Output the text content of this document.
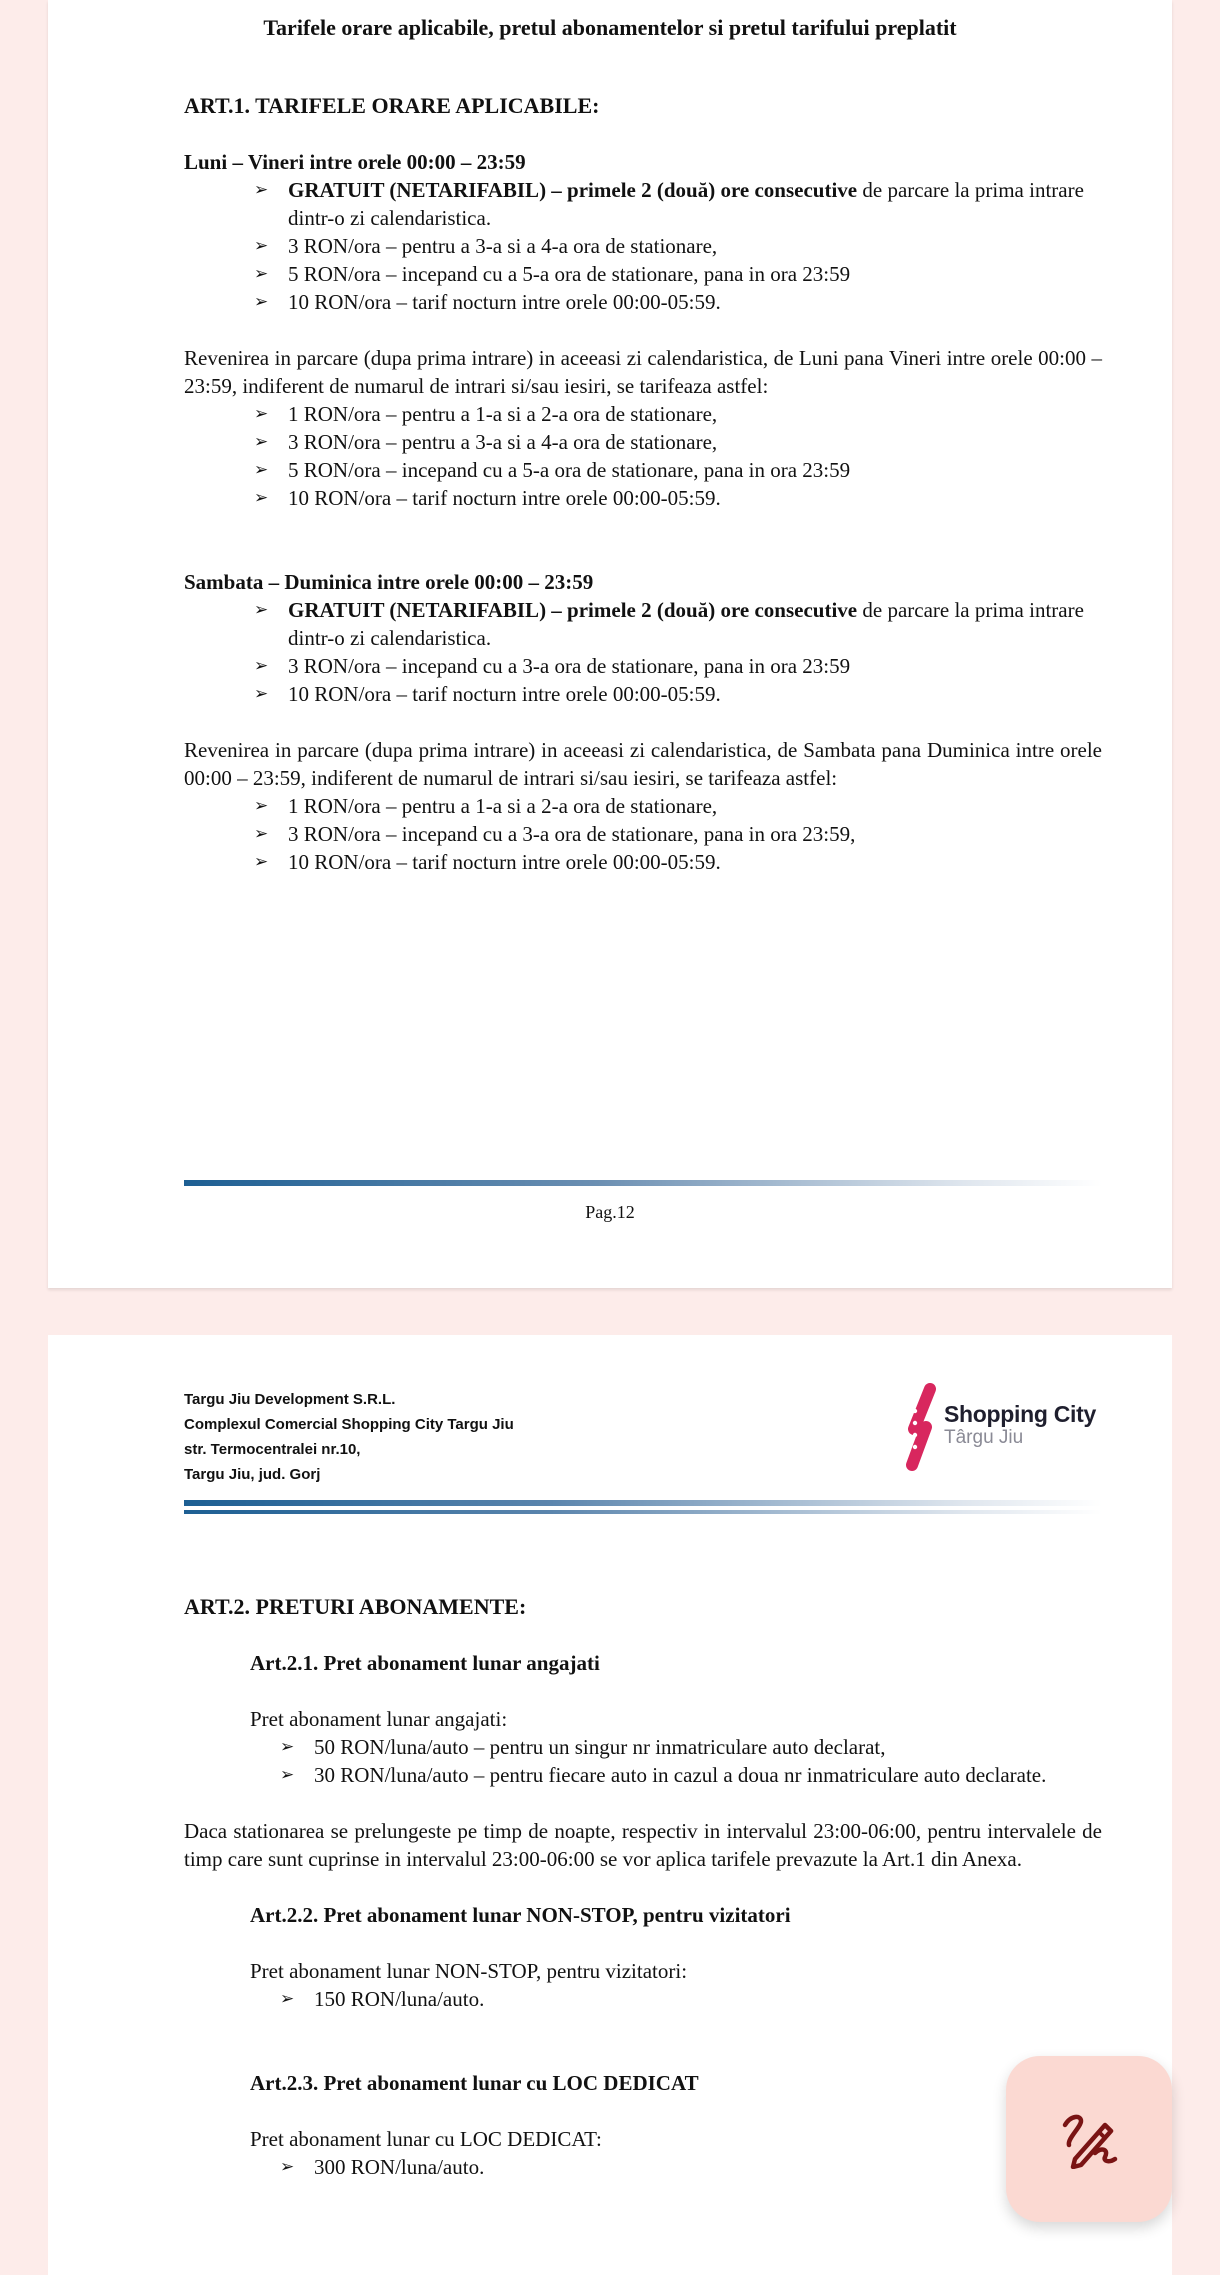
Tarifele orare aplicabile, pretul abonamentelor si pretul tarifului preplatit
ART.1. TARIFELE ORARE APLICABILE:
Luni – Vineri intre orele 00:00 – 23:59
➢ GRATUIT (NETARIFABIL) – primele 2 (două) ore consecutive de parcare la prima intrare dintr-o zi calendaristica.
➢ 3 RON/ora – pentru a 3-a si a 4-a ora de stationare,
➢ 5 RON/ora – incepand cu a 5-a ora de stationare, pana in ora 23:59
➢ 10 RON/ora – tarif nocturn intre orele 00:00-05:59.
Revenirea in parcare (dupa prima intrare) in aceeasi zi calendaristica, de Luni pana Vineri intre orele 00:00 – 23:59, indiferent de numarul de intrari si/sau iesiri, se tarifeaza astfel:
➢ 1 RON/ora – pentru a 1-a si a 2-a ora de stationare,
➢ 3 RON/ora – pentru a 3-a si a 4-a ora de stationare,
➢ 5 RON/ora – incepand cu a 5-a ora de stationare, pana in ora 23:59
➢ 10 RON/ora – tarif nocturn intre orele 00:00-05:59.
Sambata – Duminica intre orele 00:00 – 23:59
➢ GRATUIT (NETARIFABIL) – primele 2 (două) ore consecutive de parcare la prima intrare dintr-o zi calendaristica.
➢ 3 RON/ora – incepand cu a 3-a ora de stationare, pana in ora 23:59
➢ 10 RON/ora – tarif nocturn intre orele 00:00-05:59.
Revenirea in parcare (dupa prima intrare) in aceeasi zi calendaristica, de Sambata pana Duminica intre orele 00:00 – 23:59, indiferent de numarul de intrari si/sau iesiri, se tarifeaza astfel:
➢ 1 RON/ora – pentru a 1-a si a 2-a ora de stationare,
➢ 3 RON/ora – incepand cu a 3-a ora de stationare, pana in ora 23:59,
➢ 10 RON/ora – tarif nocturn intre orele 00:00-05:59.
Pag.12
Targu Jiu Development S.R.L.
Complexul Comercial Shopping City Targu Jiu
str. Termocentralei nr.10,
Targu Jiu, jud. Gorj
Shopping City
Târgu Jiu
ART.2. PRETURI ABONAMENTE:
Art.2.1. Pret abonament lunar angajati
Pret abonament lunar angajati:
➢ 50 RON/luna/auto – pentru un singur nr inmatriculare auto declarat,
➢ 30 RON/luna/auto – pentru fiecare auto in cazul a doua nr inmatriculare auto declarate.
Daca stationarea se prelungeste pe timp de noapte, respectiv in intervalul 23:00-06:00, pentru intervalele de timp care sunt cuprinse in intervalul 23:00-06:00 se vor aplica tarifele prevazute la Art.1 din Anexa.
Art.2.2. Pret abonament lunar NON-STOP, pentru vizitatori
Pret abonament lunar NON-STOP, pentru vizitatori:
➢ 150 RON/luna/auto.
Art.2.3. Pret abonament lunar cu LOC DEDICAT
Pret abonament lunar cu LOC DEDICAT:
➢ 300 RON/luna/auto.
